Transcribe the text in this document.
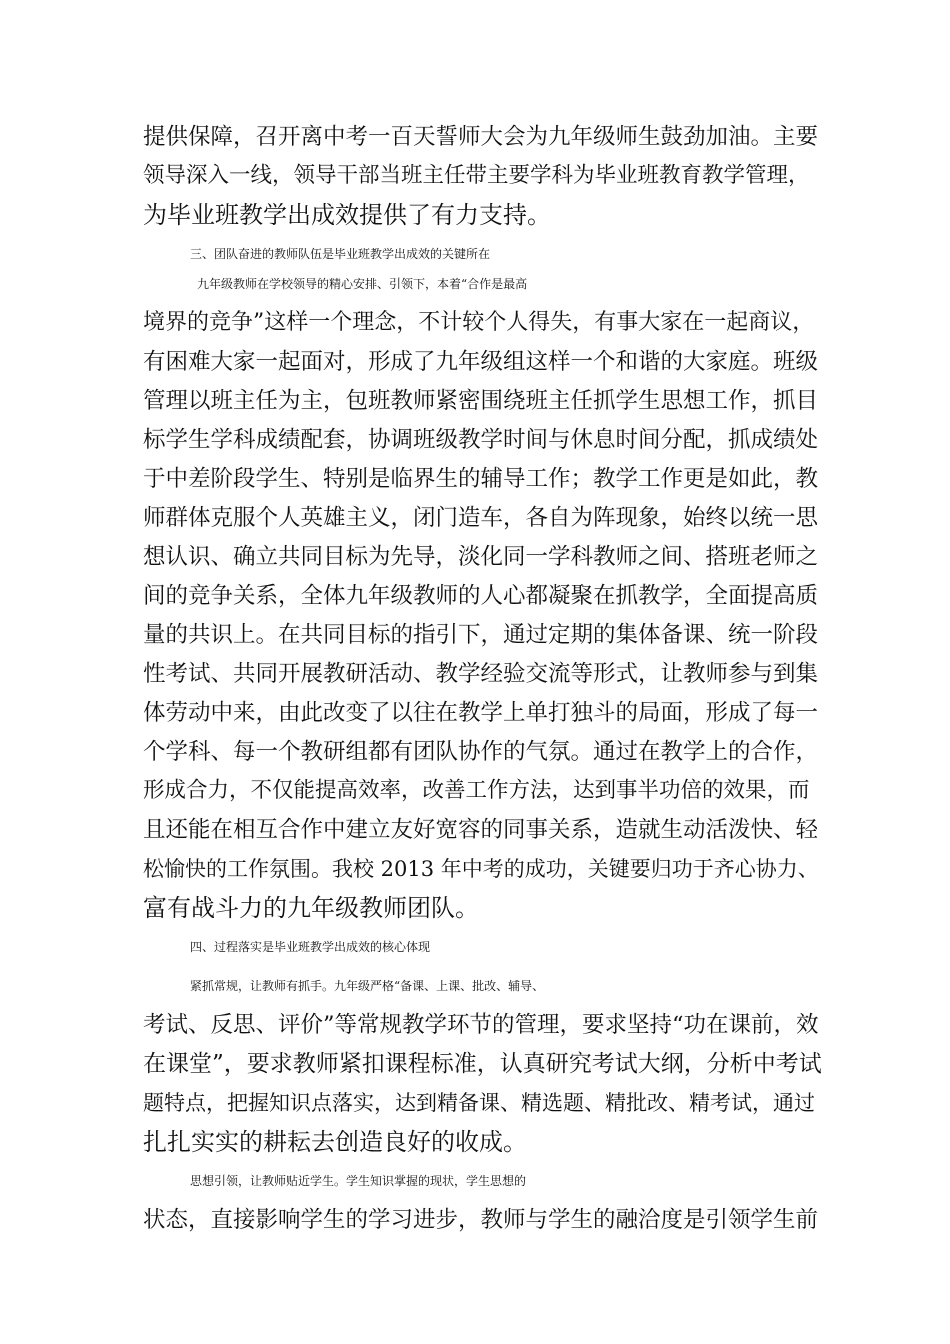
提供保障，召开离中考一百天誓师大会为九年级师生鼓劲加油。主要
领导深入一线，领导干部当班主任带主要学科为毕业班教育教学管理，
为毕业班教学出成效提供了有力支持。
三、团队奋进的教师队伍是毕业班教学出成效的关键所在
九年级教师在学校领导的精心安排、引领下，本着“合作是最高
境界的竞争”这样一个理念，不计较个人得失，有事大家在一起商议，
有困难大家一起面对，形成了九年级组这样一个和谐的大家庭。班级
管理以班主任为主，包班教师紧密围绕班主任抓学生思想工作，抓目
标学生学科成绩配套，协调班级教学时间与休息时间分配，抓成绩处
于中差阶段学生、特别是临界生的辅导工作；教学工作更是如此，教
师群体克服个人英雄主义，闭门造车，各自为阵现象，始终以统一思
想认识、确立共同目标为先导，淡化同一学科教师之间、搭班老师之
间的竞争关系，全体九年级教师的人心都凝聚在抓教学，全面提高质
量的共识上。在共同目标的指引下，通过定期的集体备课、统一阶段
性考试、共同开展教研活动、教学经验交流等形式，让教师参与到集
体劳动中来，由此改变了以往在教学上单打独斗的局面，形成了每一
个学科、每一个教研组都有团队协作的气氛。通过在教学上的合作，
形成合力，不仅能提高效率，改善工作方法，达到事半功倍的效果，而
且还能在相互合作中建立友好宽容的同事关系，造就生动活泼快、轻
松愉快的工作氛围。我校 2013 年中考的成功，关键要归功于齐心协力、
富有战斗力的九年级教师团队。
四、过程落实是毕业班教学出成效的核心体现
紧抓常规，让教师有抓手。九年级严格“备课、上课、批改、辅导、
考试、反思、评价”等常规教学环节的管理，要求坚持“功在课前，效
在课堂”，要求教师紧扣课程标准，认真研究考试大纲，分析中考试
题特点，把握知识点落实，达到精备课、精选题、精批改、精考试，通过
扎扎实实的耕耘去创造良好的收成。
思想引领，让教师贴近学生。学生知识掌握的现状，学生思想的
状态，直接影响学生的学习进步，教师与学生的融洽度是引领学生前
